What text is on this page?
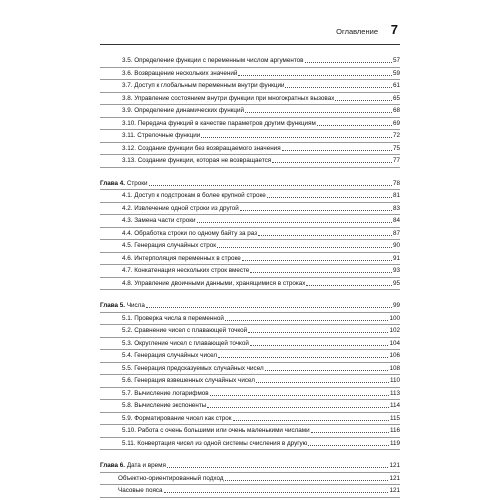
Оглавление 7
3.5. Определение функции с переменным числом аргументов	57
3.6. Возвращение нескольких значений	59
3.7. Доступ к глобальным переменным внутри функции	61
3.8. Управление состоянием внутри функции при многократных вызовах	65
3.9. Определение динамических функций	68
3.10. Передача функций в качестве параметров другим функциям	69
3.11. Стрелочные функции	72
3.12. Создание функции без возвращаемого значения	75
3.13. Создание функции, которая не возвращается	77
Глава 4. Строки	78
4.1. Доступ к подстрокам в более крупной строке	81
4.2. Извлечение одной строки из другой	83
4.3. Замена части строки	84
4.4. Обработка строки по одному байту за раз	87
4.5. Генерация случайных строк	90
4.6. Интерполяция переменных в строке	91
4.7. Конкатенация нескольких строк вместе	93
4.8. Управление двоичными данными, хранящимися в строках	95
Глава 5. Числа	99
5.1. Проверка числа в переменной	100
5.2. Сравнение чисел с плавающей точкой	102
5.3. Округление чисел с плавающей точкой	104
5.4. Генерация случайных чисел	106
5.5. Генерация предсказуемых случайных чисел	108
5.6. Генерация взвешенных случайных чисел	110
5.7. Вычисление логарифмов	113
5.8. Вычисление экспоненты	114
5.9. Форматирование чисел как строк	115
5.10. Работа с очень большими или очень маленькими числами	116
5.11. Конвертация чисел из одной системы счисления в другую	119
Глава 6. Дата и время	121
Объектно-ориентированный подход	121
Часовые пояса	121
